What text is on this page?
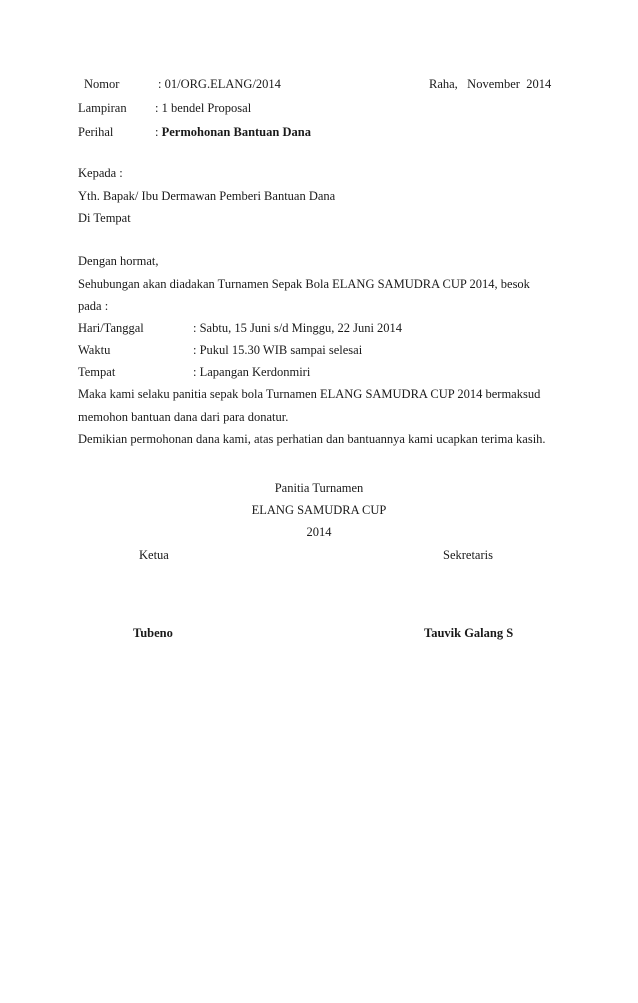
Nomor	: 01/ORG.ELANG/2014	Raha,   November  2014
Lampiran : 1 bendel Proposal
Perihal	: Permohonan Bantuan Dana
Kepada :
Yth. Bapak/ Ibu Dermawan Pemberi Bantuan Dana
Di Tempat
Dengan hormat,
Sehubungan akan diadakan Turnamen Sepak Bola ELANG SAMUDRA CUP 2014, besok
pada :
Hari/Tanggal	: Sabtu, 15 Juni s/d Minggu, 22 Juni 2014
Waktu	: Pukul 15.30 WIB sampai selesai
Tempat	: Lapangan Kerdonmiri
Maka kami selaku panitia sepak bola Turnamen ELANG SAMUDRA CUP 2014 bermaksud
memohon bantuan dana dari para donatur.
Demikian permohonan dana kami, atas perhatian dan bantuannya kami ucapkan terima kasih.
Panitia Turnamen
ELANG SAMUDRA CUP
2014
Ketua	Sekretaris
Tubeno	Tauvik Galang S
